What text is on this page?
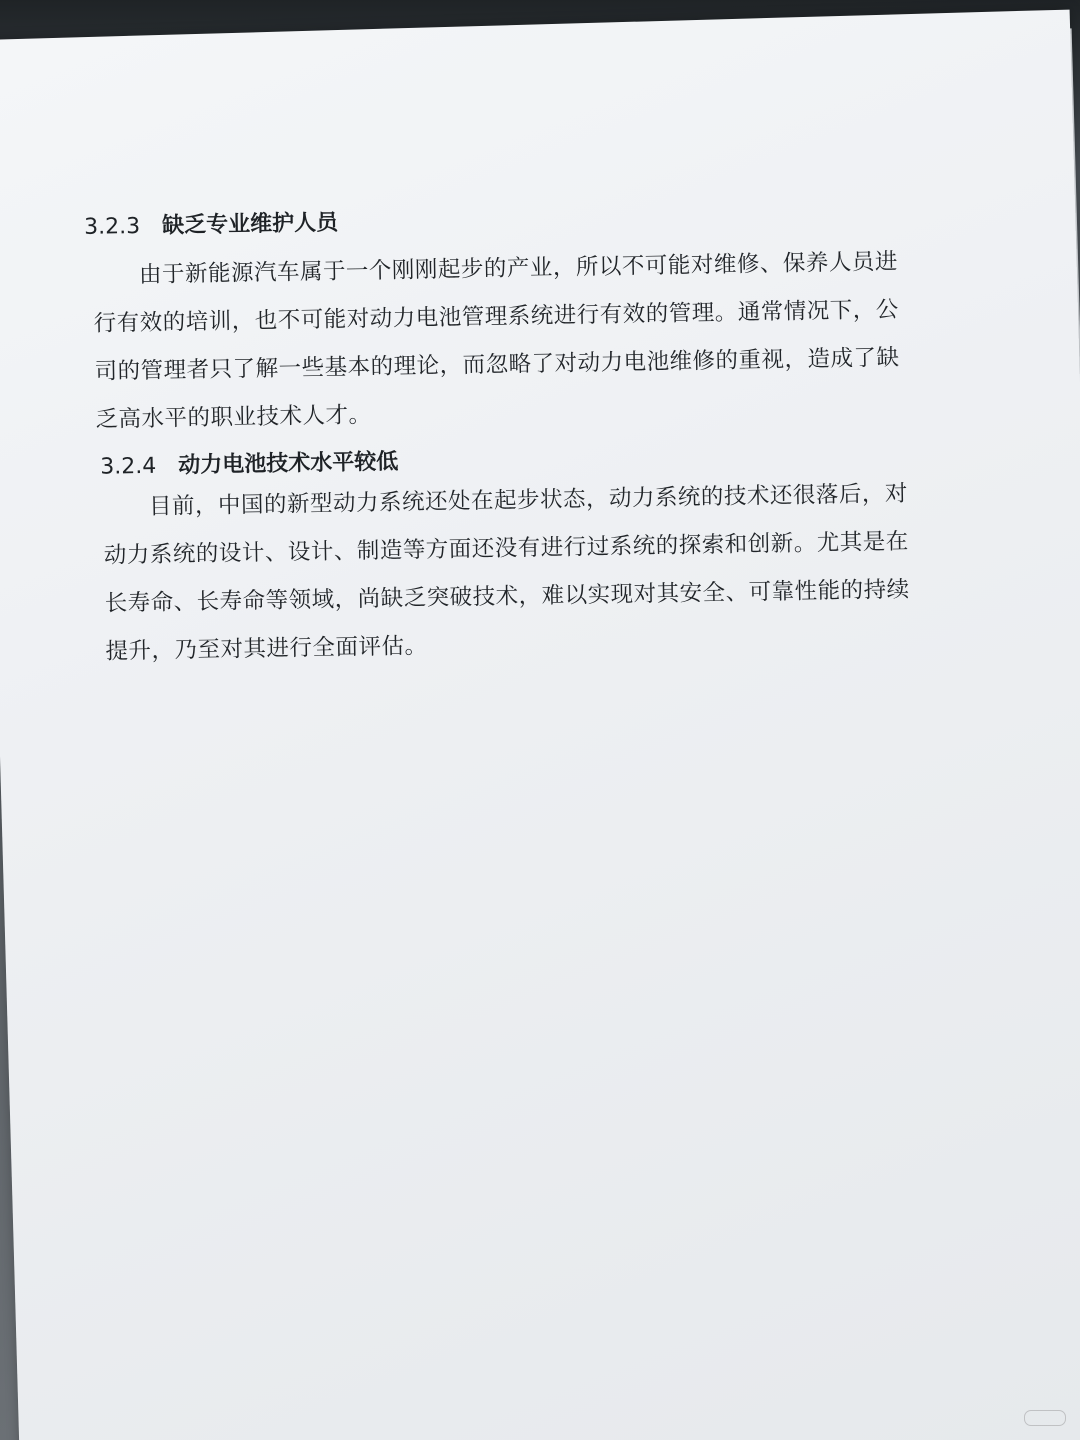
3.2.3 缺乏专业维护人员
由于新能源汽车属于一个刚刚起步的产业，所以不可能对维修、保养人员进
行有效的培训，也不可能对动力电池管理系统进行有效的管理。通常情况下，公
司的管理者只了解一些基本的理论，而忽略了对动力电池维修的重视，造成了缺
乏高水平的职业技术人才。
3.2.4 动力电池技术水平较低
目前，中国的新型动力系统还处在起步状态，动力系统的技术还很落后，对
动力系统的设计、设计、制造等方面还没有进行过系统的探索和创新。尤其是在
长寿命、长寿命等领域，尚缺乏突破技术，难以实现对其安全、可靠性能的持续
提升，乃至对其进行全面评估。
